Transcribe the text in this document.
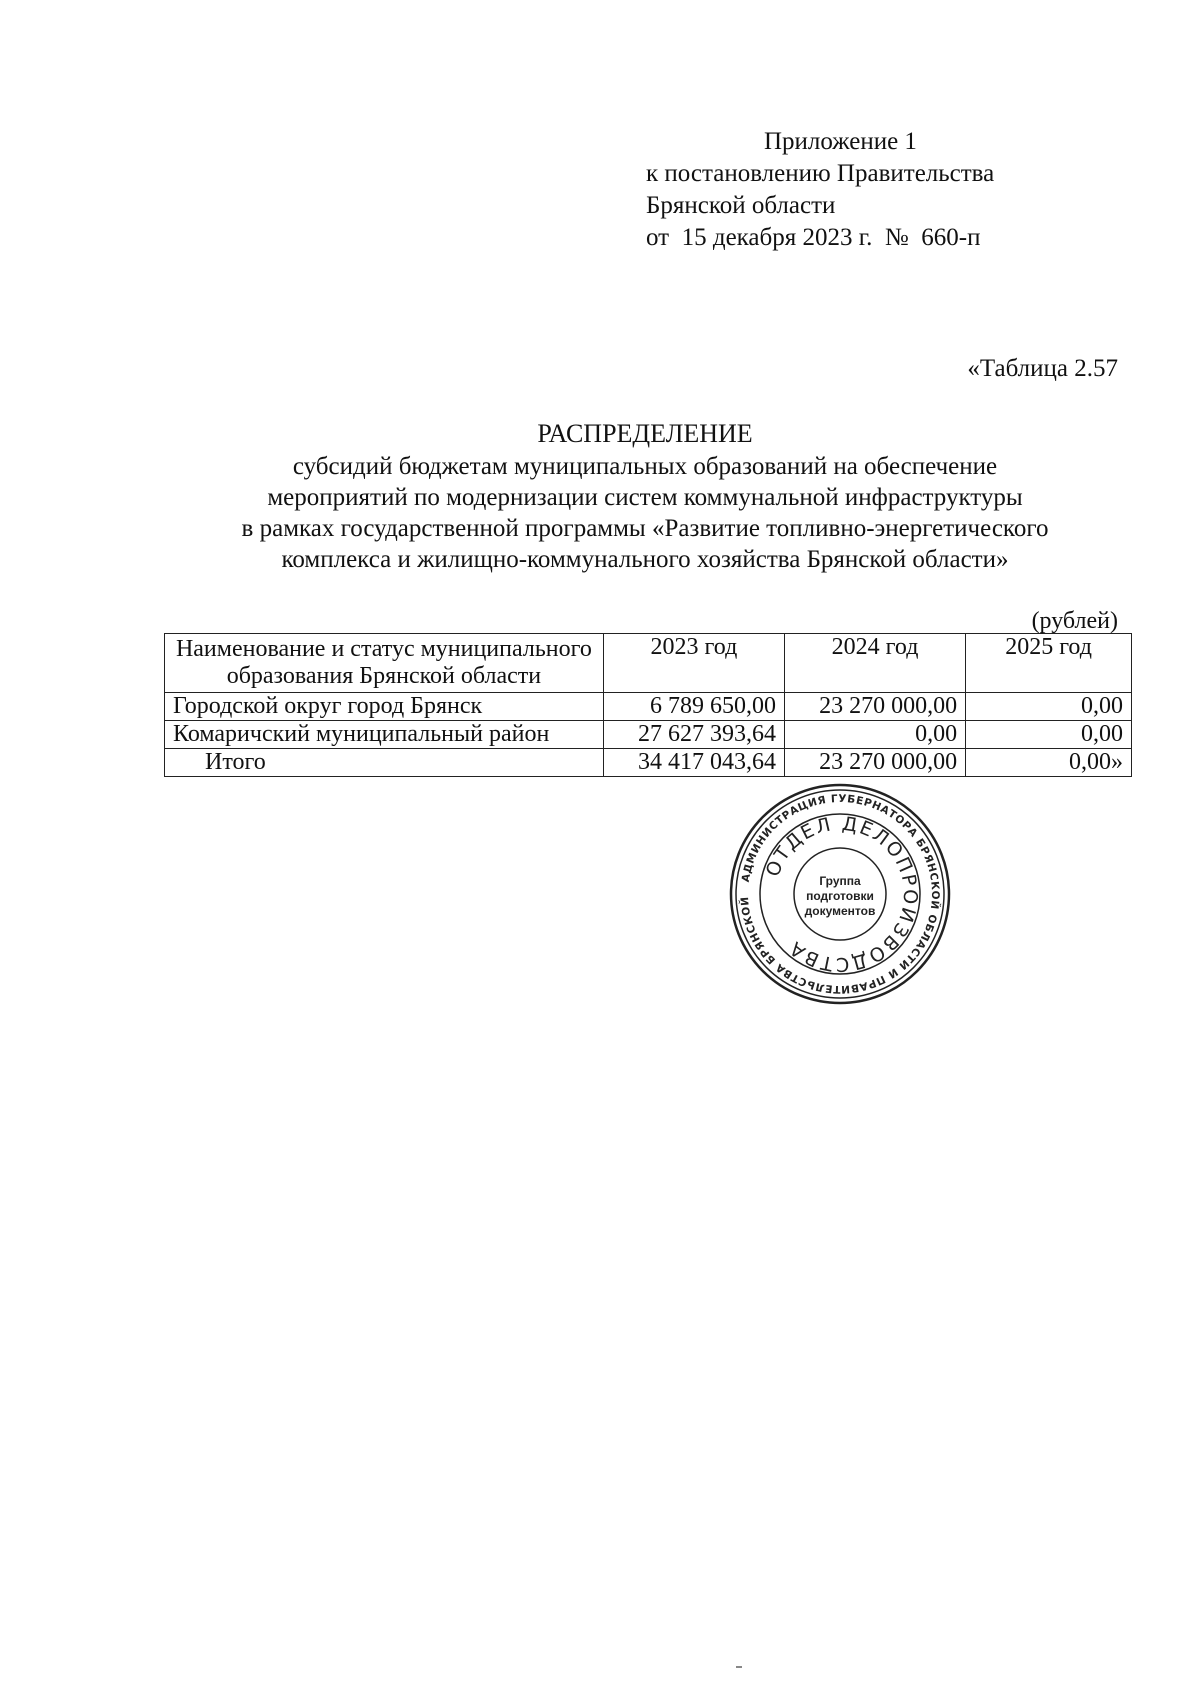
Приложение 1
к постановлению Правительства
Брянской области
от  15 декабря 2023 г.  №  660-п
«Таблица 2.57
РАСПРЕДЕЛЕНИЕ
субсидий бюджетам муниципальных образований на обеспечение
мероприятий по модернизации систем коммунальной инфраструктуры
в рамках государственной программы «Развитие топливно-энергетического
комплекса и жилищно-коммунального хозяйства Брянской области»
(рублей)
Наименование и статус муниципального образования Брянской области	2023 год	2024 год	2025 год
Городской округ город Брянск	6 789 650,00	23 270 000,00	0,00
Комаричский муниципальный район	27 627 393,64	0,00	0,00
Итого	34 417 043,64	23 270 000,00	0,00»
АДМИНИСТРАЦИЯ ГУБЕРНАТОРА БРЯНСКОЙ ОБЛАСТИ И ПРАВИТЕЛЬСТВА БРЯНСКОЙ
ОТДЕЛ ДЕЛОПРОИЗВОДСТВА
Группа
подготовки
документов
